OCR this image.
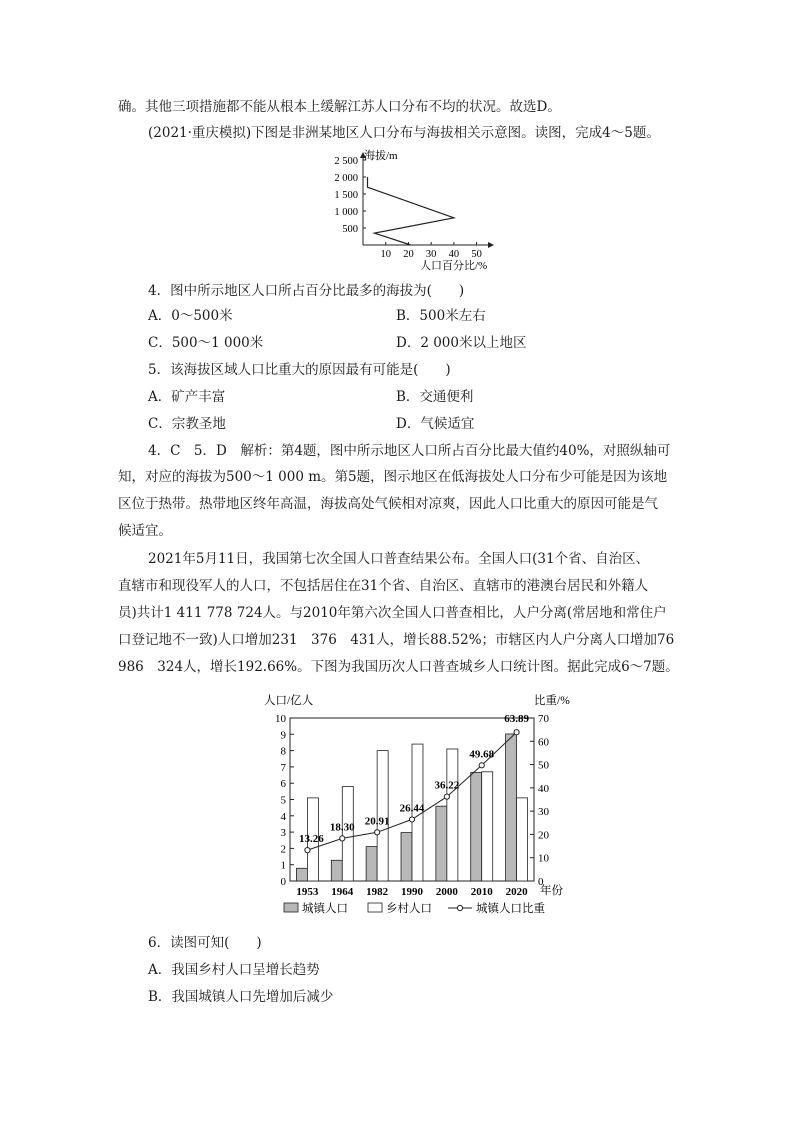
确。其他三项措施都不能从根本上缓解江苏人口分布不均的状况。故选D。
(2021·重庆模拟)下图是非洲某地区人口分布与海拔相关示意图。读图，完成4～5题。
10 20 30 40 50
500
1 000
1 500
2 000
2 500 海拔/m
人口百分比/%
4．图中所示地区人口所占百分比最多的海拔为(　　)
A．0～500米	B．500米左右
C．500～1 000米	D．2 000米以上地区
5．该海拔区域人口比重大的原因最有可能是(　　)
A．矿产丰富	B．交通便利
C．宗教圣地	D．气候适宜
4．C　5．D　解析：第4题，图中所示地区人口所占百分比最大值约40%，对照纵轴可
知，对应的海拔为500～1 000 m。第5题，图示地区在低海拔处人口分布少可能是因为该地
区位于热带。热带地区终年高温，海拔高处气候相对凉爽，因此人口比重大的原因可能是气
候适宜。
2021年5月11日，我国第七次全国人口普查结果公布。全国人口(31个省、自治区、
直辖市和现役军人的人口，不包括居住在31个省、自治区、直辖市的港澳台居民和外籍人
员)共计1 411 778 724人。与2010年第六次全国人口普查相比，人户分离(常居地和常住户
口登记地不一致)人口增加231　376　431人，增长88.52%；市辖区内人户分离人口增加76
986　324人，增长192.66%。下图为我国历次人口普查城乡人口统计图。据此完成6～7题。
13.26
18.30
20.91
26.44
36.22
49.68
63.89
0
1
2
3
4
5
6
7
8
9
10
0
10
20
30
40
50
60
70
1953 1964 1982 1990 2000 2010 2020
人口/亿人	比重/%
年份
城镇人口	乡村人口	城镇人口比重
6．读图可知(　　)
A．我国乡村人口呈增长趋势
B．我国城镇人口先增加后减少
